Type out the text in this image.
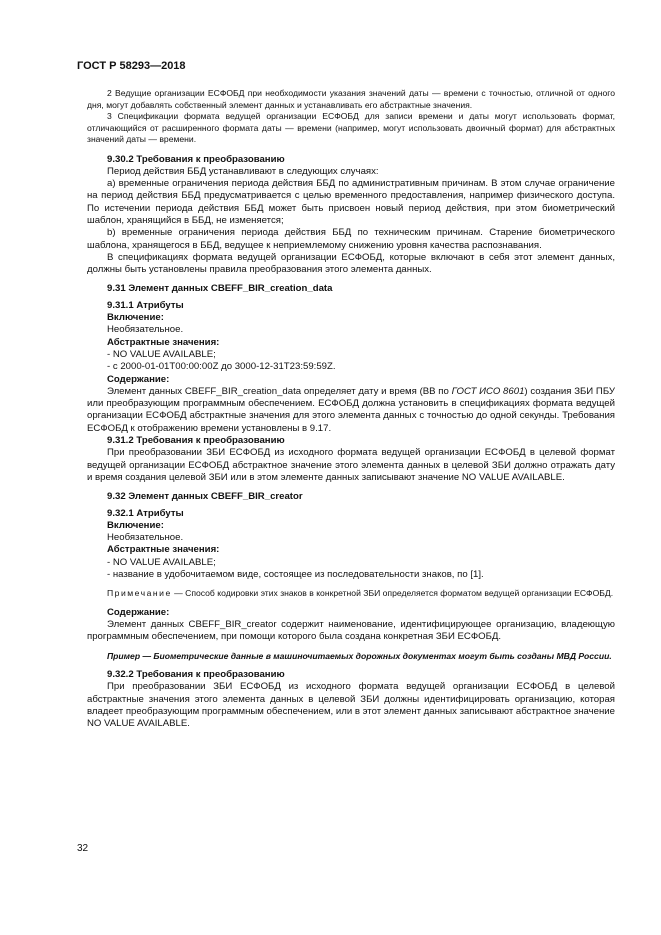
ГОСТ Р 58293—2018

2 Ведущие организации ЕСФОБД при необходимости указания значений даты — времени с точностью, отличной от одного дня, могут добавлять собственный элемент данных и устанавливать его абстрактные значения.

3 Спецификации формата ведущей организации ЕСФОБД для записи времени и даты могут использовать формат, отличающийся от расширенного формата даты — времени (например, могут использовать двоичный формат) для абстрактных значений даты — времени.

9.30.2 Требования к преобразованию

Период действия ББД устанавливают в следующих случаях:

a) временные ограничения периода действия ББД по административным причинам. В этом случае ограничение на период действия ББД предусматривается с целью временного предоставления, например физического доступа. По истечении периода действия ББД может быть присвоен новый период действия, при этом биометрический шаблон, хранящийся в ББД, не изменяется;

b) временные ограничения периода действия ББД по техническим причинам. Старение биометрического шаблона, хранящегося в ББД, ведущее к неприемлемому снижению уровня качества распознавания.

В спецификациях формата ведущей организации ЕСФОБД, которые включают в себя этот элемент данных, должны быть установлены правила преобразования этого элемента данных.

9.31 Элемент данных CBEFF_BIR_creation_data

9.31.1 Атрибуты

Включение:

Необязательное.

Абстрактные значения:

- NO VALUE AVAILABLE;

- с 2000-01-01T00:00:00Z до 3000-12-31T23:59:59Z.

Содержание:

Элемент данных CBEFF_BIR_creation_data определяет дату и время (ВВ по ГОСТ ИСО 8601) создания ЗБИ ПБУ или преобразующим программным обеспечением. ЕСФОБД должна установить в спецификациях формата ведущей организации ЕСФОБД абстрактные значения для этого элемента данных с точностью до одной секунды. Требования ЕСФОБД к отображению времени установлены в 9.17.

9.31.2 Требования к преобразованию

При преобразовании ЗБИ ЕСФОБД из исходного формата ведущей организации ЕСФОБД в целевой формат ведущей организации ЕСФОБД абстрактное значение этого элемента данных в целевой ЗБИ должно отражать дату и время создания целевой ЗБИ или в этом элементе данных записывают значение NO VALUE AVAILABLE.

9.32 Элемент данных CBEFF_BIR_creator

9.32.1 Атрибуты

Включение:

Необязательное.

Абстрактные значения:

- NO VALUE AVAILABLE;

- название в удобочитаемом виде, состоящее из последовательности знаков, по [1].

Примечание — Способ кодировки этих знаков в конкретной ЗБИ определяется форматом ведущей организации ЕСФОБД.

Содержание:

Элемент данных CBEFF_BIR_creator содержит наименование, идентифицирующее организацию, владеющую программным обеспечением, при помощи которого была создана конкретная ЗБИ ЕСФОБД.

Пример — Биометрические данные в машиночитаемых дорожных документах могут быть созданы МВД России.

9.32.2 Требования к преобразованию

При преобразовании ЗБИ ЕСФОБД из исходного формата ведущей организации ЕСФОБД в целевой абстрактные значения этого элемента данных в целевой ЗБИ должны идентифицировать организацию, которая владеет преобразующим программным обеспечением, или в этот элемент данных записывают абстрактное значение NO VALUE AVAILABLE.

32
